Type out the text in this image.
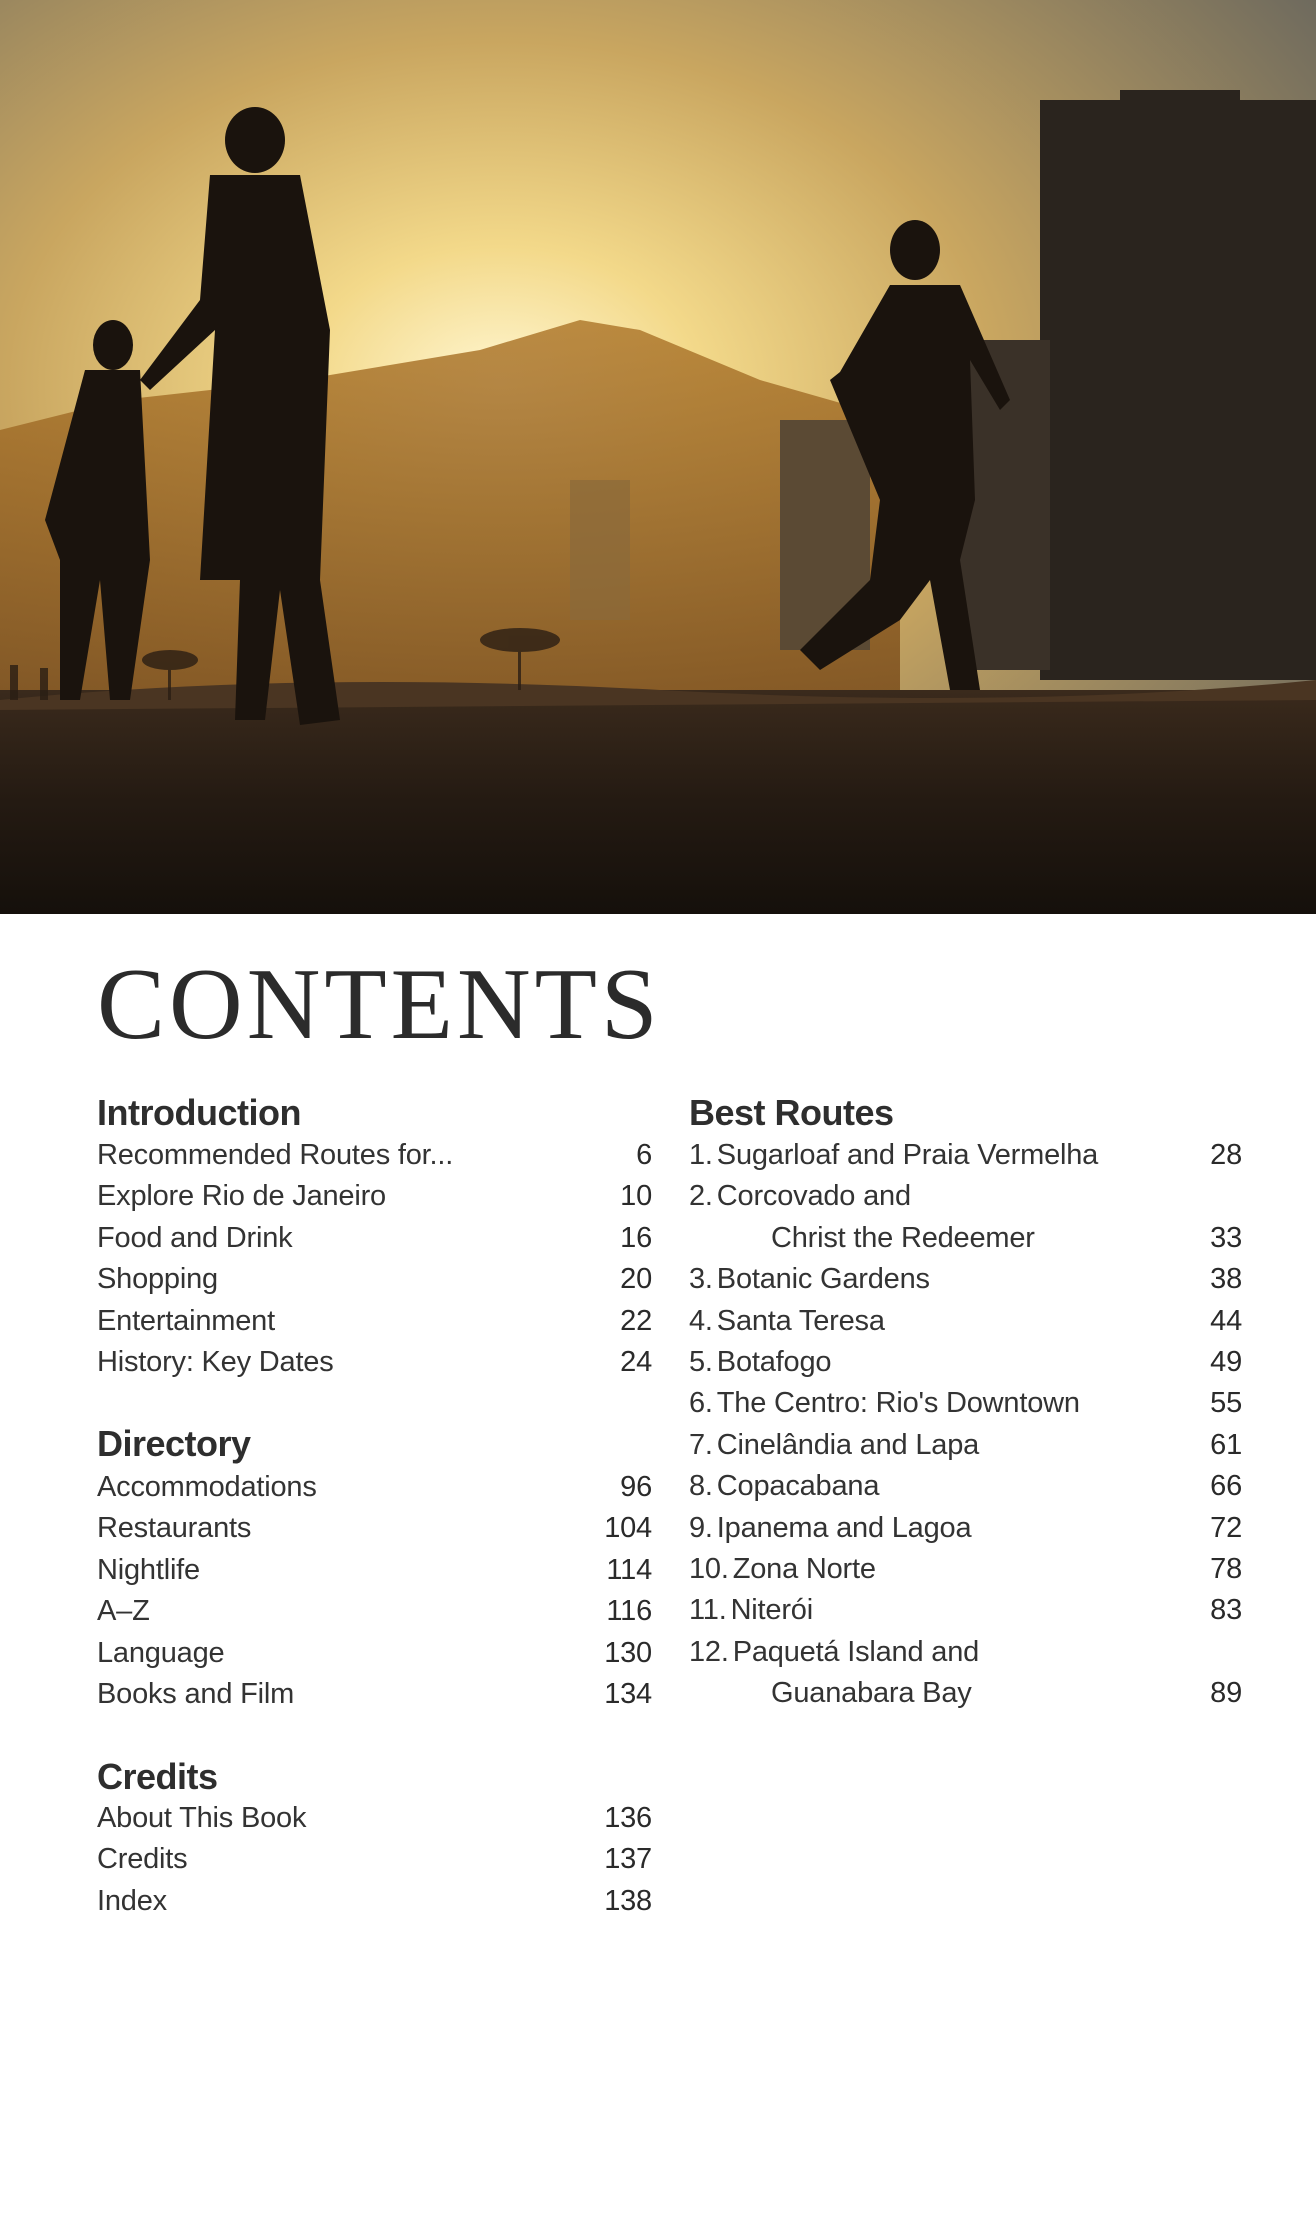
CONTENTS
Introduction
Recommended Routes for...	6
Explore Rio de Janeiro	10
Food and Drink	16
Shopping	20
Entertainment	22
History: Key Dates	24
Directory
Accommodations	96
Restaurants	104
Nightlife	114
A–Z	116
Language	130
Books and Film	134
Credits
About This Book	136
Credits	137
Index	138
Best Routes
1. Sugarloaf and Praia Vermelha	28
2. Corcovado and
Christ the Redeemer	33
3. Botanic Gardens	38
4. Santa Teresa	44
5. Botafogo	49
6. The Centro: Rio's Downtown	55
7. Cinelândia and Lapa	61
8. Copacabana	66
9. Ipanema and Lagoa	72
10. Zona Norte	78
11. Niterói	83
12. Paquetá Island and
Guanabara Bay	89
